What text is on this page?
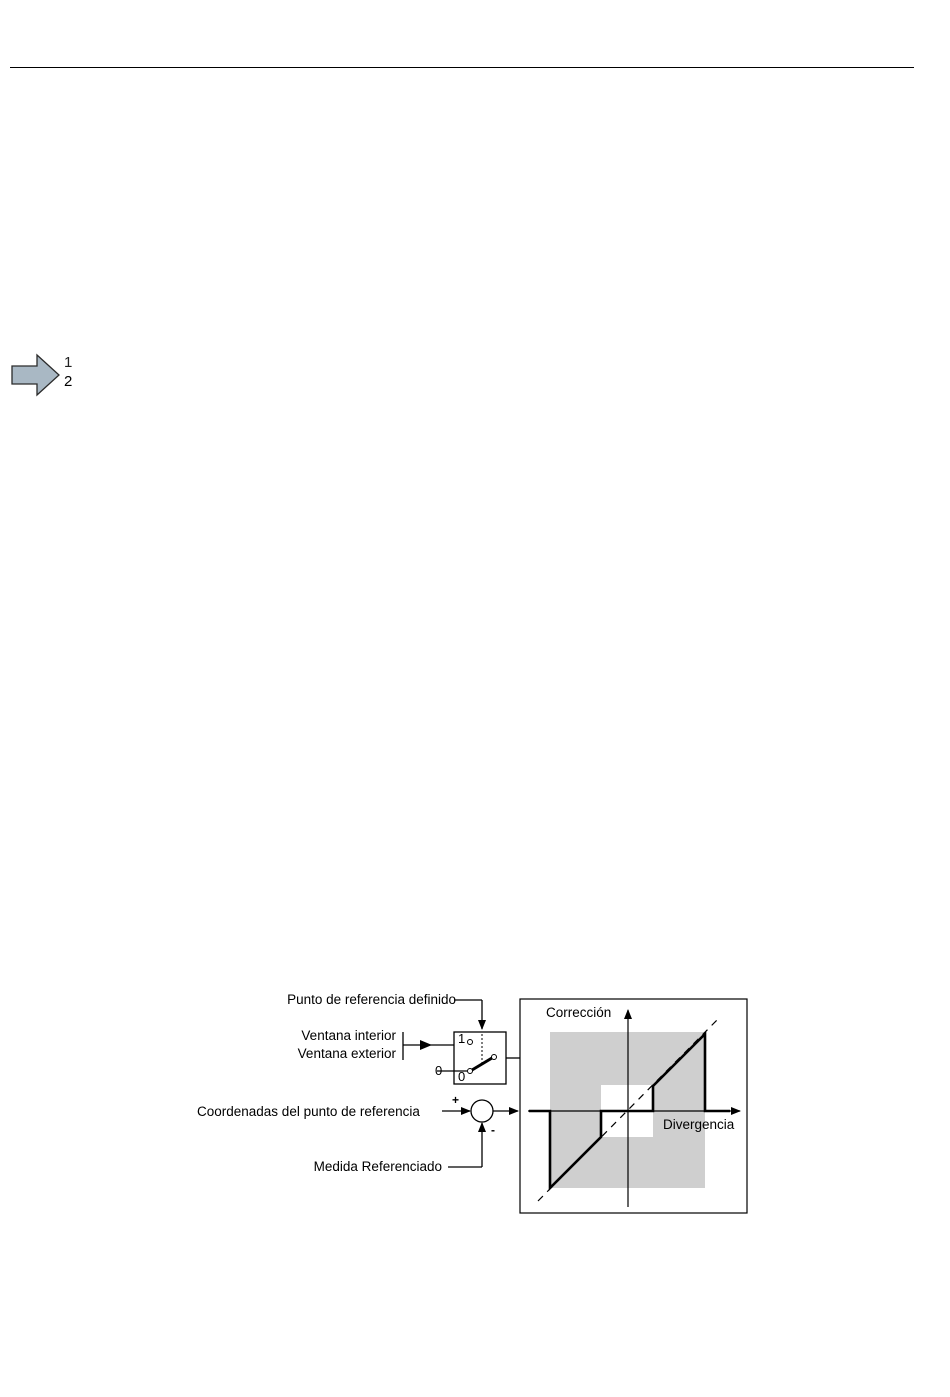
1
2
Punto de referencia definido
Ventana interior
Ventana exterior
Coordenadas del punto de referencia
Medida Referenciado
1
0
0
+
-
Corrección
Divergencia
